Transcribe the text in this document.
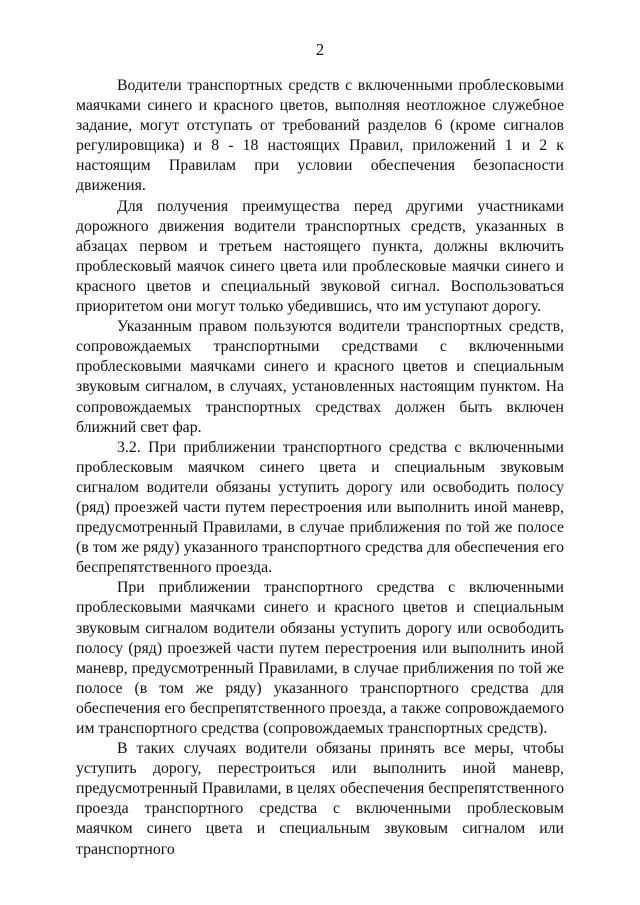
2

Водители транспортных средств с включенными проблесковыми маячками синего и красного цветов, выполняя неотложное служебное задание, могут отступать от требований разделов 6 (кроме сигналов регулировщика) и 8 - 18 настоящих Правил, приложений 1 и 2 к настоящим Правилам при условии обеспечения безопасности движения.

Для получения преимущества перед другими участниками дорожного движения водители транспортных средств, указанных в абзацах первом и третьем настоящего пункта, должны включить проблесковый маячок синего цвета или проблесковые маячки синего и красного цветов и специальный звуковой сигнал. Воспользоваться приоритетом они могут только убедившись, что им уступают дорогу.

Указанным правом пользуются водители транспортных средств, сопровождаемых транспортными средствами с включенными проблесковыми маячками синего и красного цветов и специальным звуковым сигналом, в случаях, установленных настоящим пунктом. На сопровождаемых транспортных средствах должен быть включен ближний свет фар.

3.2. При приближении транспортного средства с включенными проблесковым маячком синего цвета и специальным звуковым сигналом водители обязаны уступить дорогу или освободить полосу (ряд) проезжей части путем перестроения или выполнить иной маневр, предусмотренный Правилами, в случае приближения по той же полосе (в том же ряду) указанного транспортного средства для обеспечения его беспрепятственного проезда.

При приближении транспортного средства с включенными проблесковыми маячками синего и красного цветов и специальным звуковым сигналом водители обязаны уступить дорогу или освободить полосу (ряд) проезжей части путем перестроения или выполнить иной маневр, предусмотренный Правилами, в случае приближения по той же полосе (в том же ряду) указанного транспортного средства для обеспечения его беспрепятственного проезда, а также сопровождаемого им транспортного средства (сопровождаемых транспортных средств).

В таких случаях водители обязаны принять все меры, чтобы уступить дорогу, перестроиться или выполнить иной маневр, предусмотренный Правилами, в целях обеспечения беспрепятственного проезда транспортного средства с включенными проблесковым маячком синего цвета и специальным звуковым сигналом или транспортного
